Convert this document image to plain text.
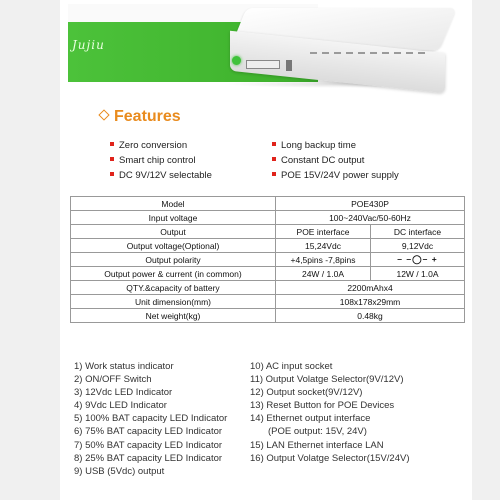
Jujiu
Features
Zero conversion
Smart chip control
DC 9V/12V selectable
Long backup time
Constant DC output
POE 15V/24V power supply
Model	POE430P	
Input voltage	100~240Vac/50-60Hz	
Output	POE interface	DC interface
Output voltage(Optional)	15,24Vdc	9,12Vdc
Output polarity	+4,5pins -7,8pins	– –◯– +
Output power & current (in common)	24W / 1.0A	12W / 1.0A
QTY.&capacity of battery	2200mAhx4	
Unit dimension(mm)	108x178x29mm	
Net weight(kg)	0.48kg	
1) Work status indicator
2) ON/OFF Switch
3) 12Vdc LED Indicator
4) 9Vdc LED Indicator
5) 100% BAT capacity LED Indicator
6) 75% BAT capacity LED Indicator
7) 50% BAT capacity LED Indicator
8) 25% BAT capacity LED Indicator
9) USB (5Vdc) output
10) AC input socket
11) Output Volatge Selector(9V/12V)
12) Output socket(9V/12V)
13) Reset Button for POE Devices
14) Ethernet output interface
(POE output: 15V, 24V)
15) LAN Ethernet interface LAN
16) Output Volatge Selector(15V/24V)
